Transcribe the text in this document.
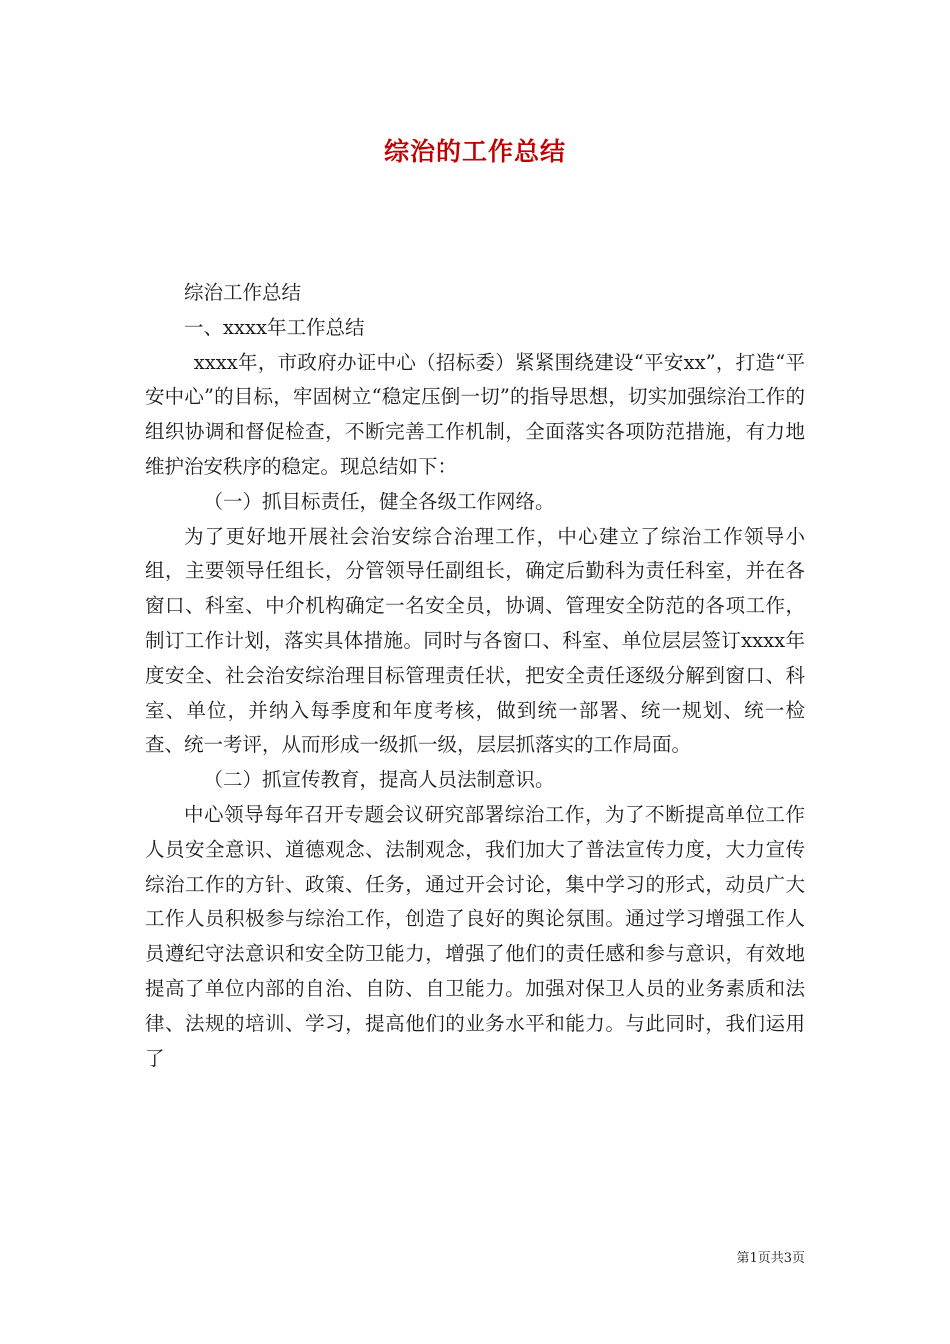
综治的工作总结

综治工作总结

一、xxxx年工作总结

xxxx年，市政府办证中心（招标委）紧紧围绕建设“平安xx”，打造“平安中心”的目标，牢固树立“稳定压倒一切”的指导思想，切实加强综治工作的组织协调和督促检查，不断完善工作机制，全面落实各项防范措施，有力地维护治安秩序的稳定。现总结如下：

（一）抓目标责任，健全各级工作网络。

为了更好地开展社会治安综合治理工作，中心建立了综治工作领导小组，主要领导任组长，分管领导任副组长，确定后勤科为责任科室，并在各窗口、科室、中介机构确定一名安全员，协调、管理安全防范的各项工作，制订工作计划，落实具体措施。同时与各窗口、科室、单位层层签订xxxx年度安全、社会治安综治理目标管理责任状，把安全责任逐级分解到窗口、科室、单位，并纳入每季度和年度考核，做到统一部署、统一规划、统一检查、统一考评，从而形成一级抓一级，层层抓落实的工作局面。

（二）抓宣传教育，提高人员法制意识。

中心领导每年召开专题会议研究部署综治工作，为了不断提高单位工作人员安全意识、道德观念、法制观念，我们加大了普法宣传力度，大力宣传综治工作的方针、政策、任务，通过开会讨论，集中学习的形式，动员广大工作人员积极参与综治工作，创造了良好的舆论氛围。通过学习增强工作人员遵纪守法意识和安全防卫能力，增强了他们的责任感和参与意识，有效地提高了单位内部的自治、自防、自卫能力。加强对保卫人员的业务素质和法律、法规的培训、学习，提高他们的业务水平和能力。与此同时，我们运用了

第1页共3页
